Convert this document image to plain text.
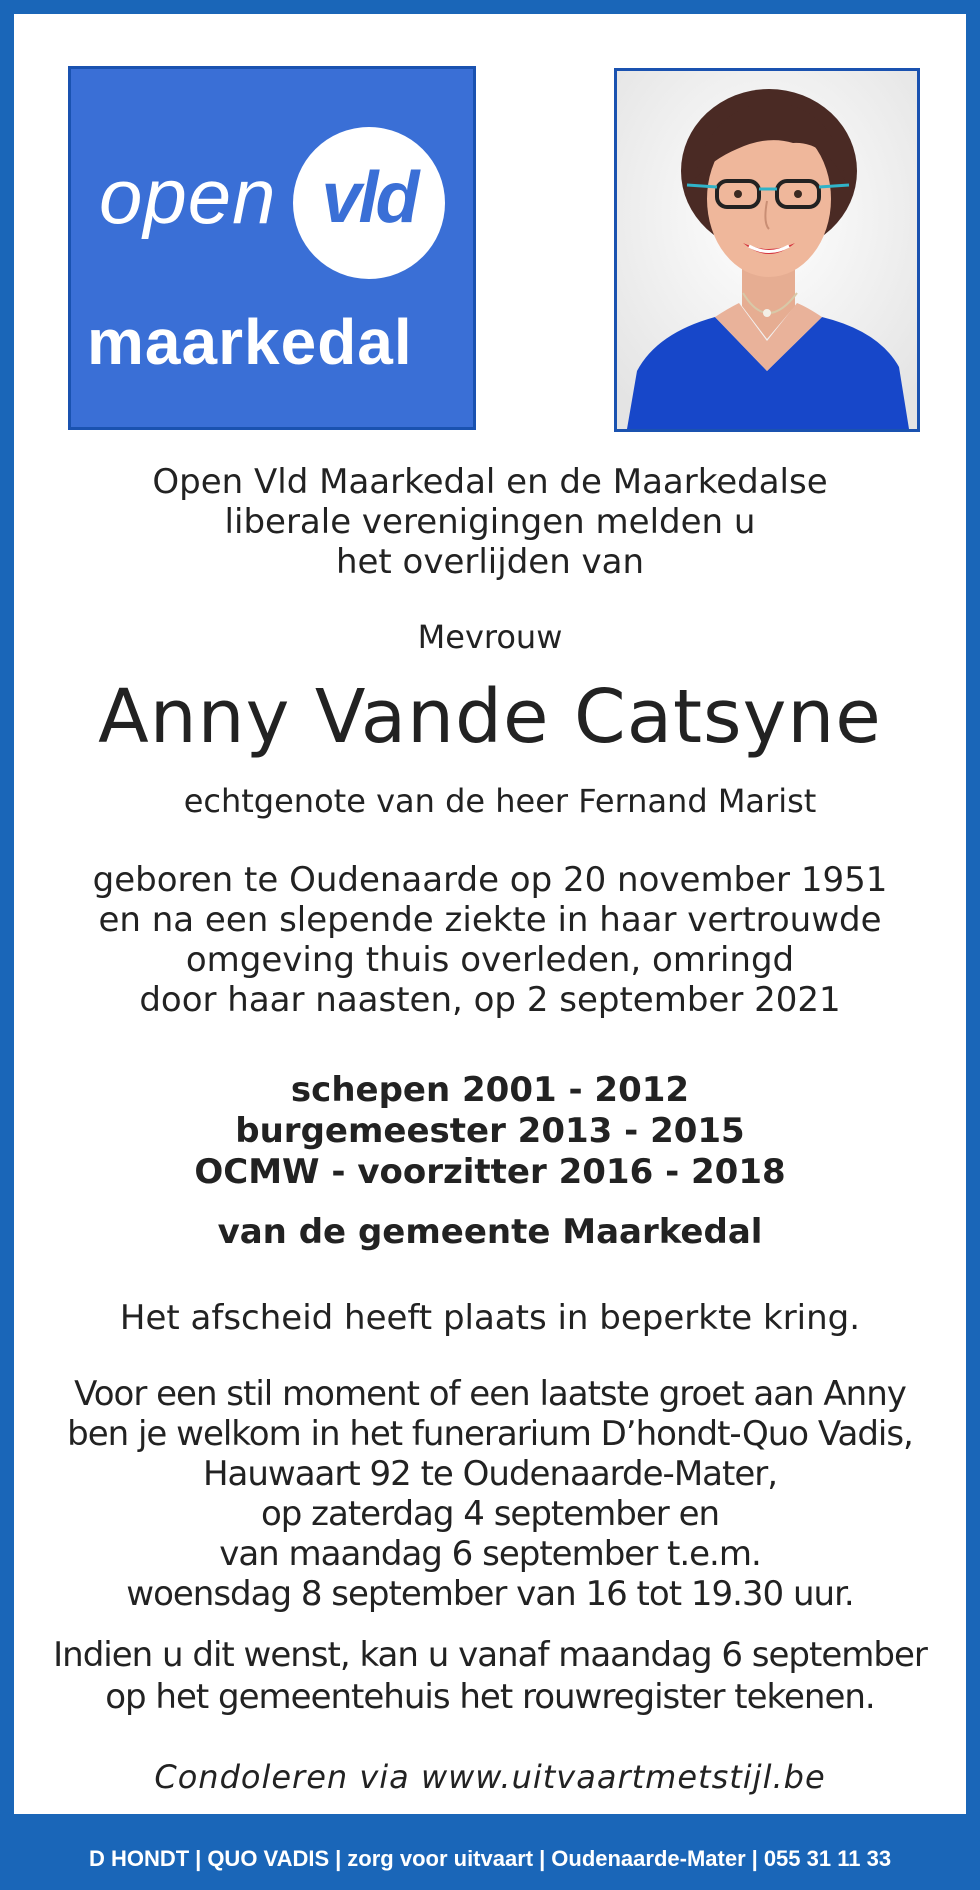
open vld
maarkedal
Open Vld Maarkedal en de Maarkedalse
liberale verenigingen melden u
het overlijden van
Mevrouw
Anny Vande Catsyne
echtgenote van de heer Fernand Marist
geboren te Oudenaarde op 20 november 1951
en na een slepende ziekte in haar vertrouwde
omgeving thuis overleden, omringd
door haar naasten, op 2 september 2021
schepen 2001 - 2012
burgemeester 2013 - 2015
OCMW - voorzitter 2016 - 2018
van de gemeente Maarkedal
Het afscheid heeft plaats in beperkte kring.
Voor een stil moment of een laatste groet aan Anny
ben je welkom in het funerarium D’hondt-Quo Vadis,
Hauwaart 92 te Oudenaarde-Mater,
op zaterdag 4 september en
van maandag 6 september t.e.m.
woensdag 8 september van 16 tot 19.30 uur.
Indien u dit wenst, kan u vanaf maandag 6 september
op het gemeentehuis het rouwregister tekenen.
Condoleren via www.uitvaartmetstijl.be
D HONDT | QUO VADIS | zorg voor uitvaart | Oudenaarde-Mater | 055 31 11 33
